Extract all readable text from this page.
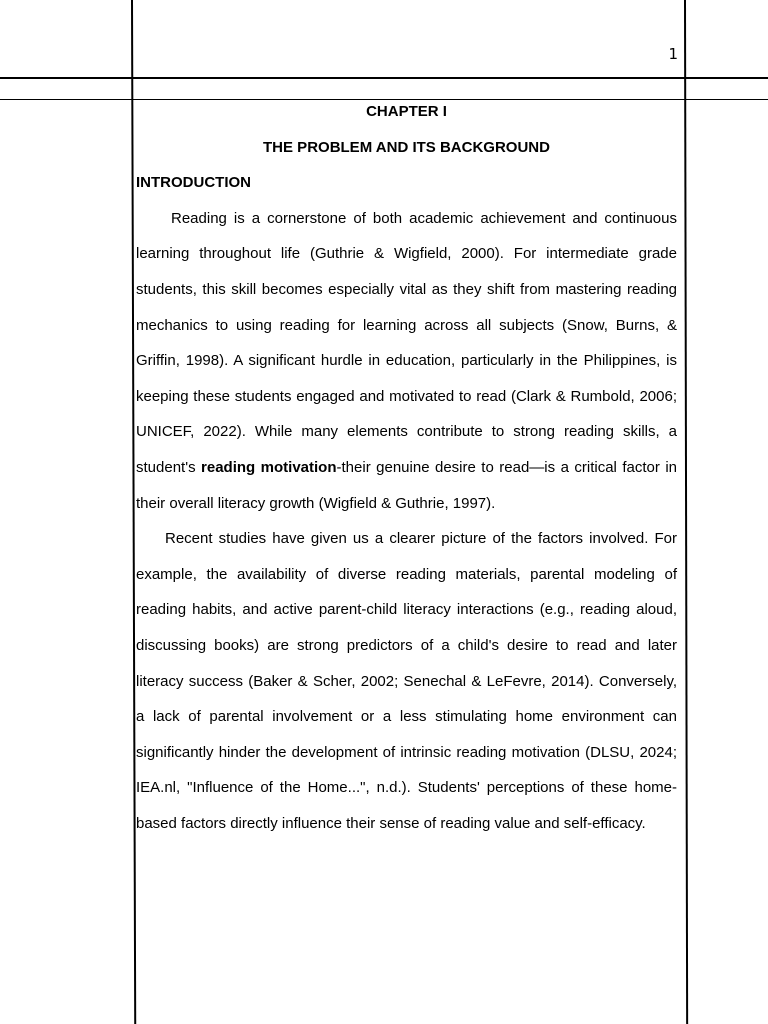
1

CHAPTER I

THE PROBLEM AND ITS BACKGROUND

INTRODUCTION

Reading is a cornerstone of both academic achievement and continuous learning throughout life (Guthrie & Wigfield, 2000). For intermediate grade students, this skill becomes especially vital as they shift from mastering reading mechanics to using reading for learning across all subjects (Snow, Burns, & Griffin, 1998). A significant hurdle in education, particularly in the Philippines, is keeping these students engaged and motivated to read (Clark & Rumbold, 2006; UNICEF, 2022). While many elements contribute to strong reading skills, a student's reading motivation-their genuine desire to read—is a critical factor in their overall literacy growth (Wigfield & Guthrie, 1997).

Recent studies have given us a clearer picture of the factors involved. For example, the availability of diverse reading materials, parental modeling of reading habits, and active parent-child literacy interactions (e.g., reading aloud, discussing books) are strong predictors of a child's desire to read and later literacy success (Baker & Scher, 2002; Senechal & LeFevre, 2014). Conversely, a lack of parental involvement or a less stimulating home environment can significantly hinder the development of intrinsic reading motivation (DLSU, 2024; IEA.nl, "Influence of the Home...", n.d.). Students' perceptions of these home-based factors directly influence their sense of reading value and self-efficacy.
